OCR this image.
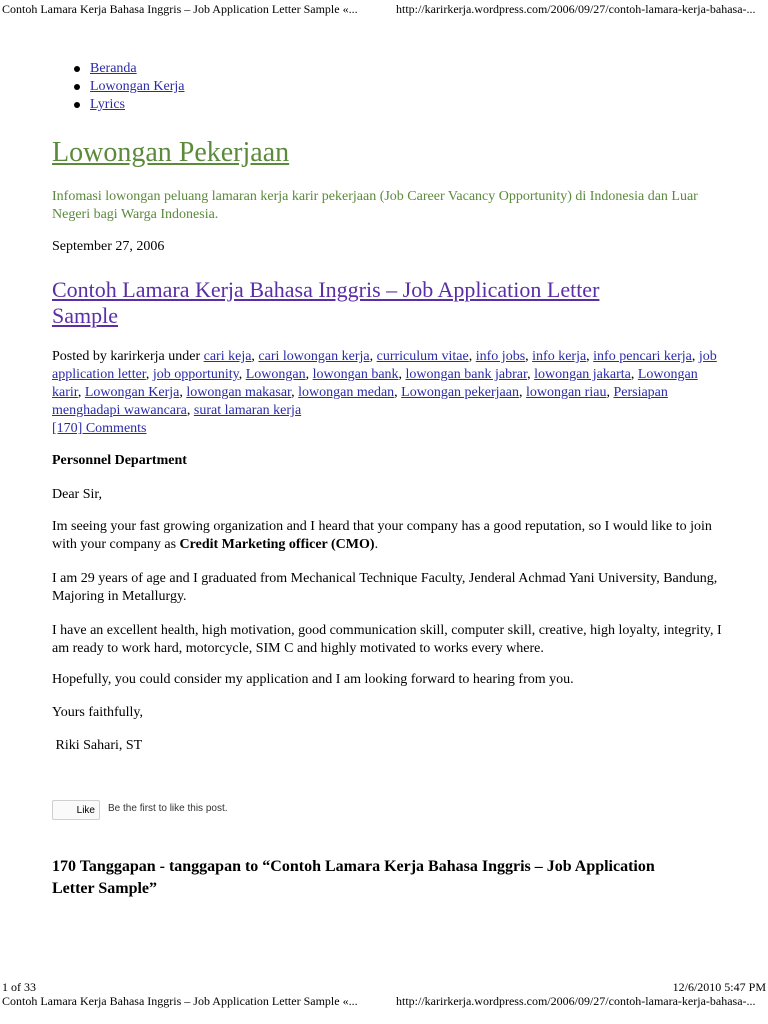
Contoh Lamara Kerja Bahasa Inggris – Job Application Letter Sample «...	http://karirkerja.wordpress.com/2006/09/27/contoh-lamara-kerja-bahasa-...
Beranda
Lowongan Kerja
Lyrics
Lowongan Pekerjaan

Infomasi lowongan peluang lamaran kerja karir pekerjaan (Job Career Vacancy Opportunity) di Indonesia dan Luar Negeri bagi Warga Indonesia.

September 27, 2006
Contoh Lamara Kerja Bahasa Inggris – Job Application Letter Sample
Posted by karirkerja under cari keja, cari lowongan kerja, curriculum vitae, info jobs, info kerja, info pencari kerja, job application letter, job opportunity, Lowongan, lowongan bank, lowongan bank jabrar, lowongan jakarta, Lowongan karir, Lowongan Kerja, lowongan makasar, lowongan medan, Lowongan pekerjaan, lowongan riau, Persiapan menghadapi wawancara, surat lamaran kerja
[170] Comments

Personnel Department

Dear Sir,

Im seeing your fast growing organization and I heard that your company has a good reputation, so I would like to join with your company as Credit Marketing officer (CMO).

I am 29 years of age and I graduated from Mechanical Technique Faculty, Jenderal Achmad Yani University, Bandung, Majoring in Metallurgy.

I have an excellent health, high motivation, good communication skill, computer skill, creative, high loyalty, integrity, I am ready to work hard, motorcycle, SIM C and highly motivated to works every where.

Hopefully, you could consider my application and I am looking forward to hearing from you.

Yours faithfully,

Riki Sahari, ST

Like	Be the first to like this post.
170 Tanggapan - tanggapan to “Contoh Lamara Kerja Bahasa Inggris – Job Application Letter Sample”
1 of 33	12/6/2010 5:47 PM
Contoh Lamara Kerja Bahasa Inggris – Job Application Letter Sample «...	http://karirkerja.wordpress.com/2006/09/27/contoh-lamara-kerja-bahasa-...
